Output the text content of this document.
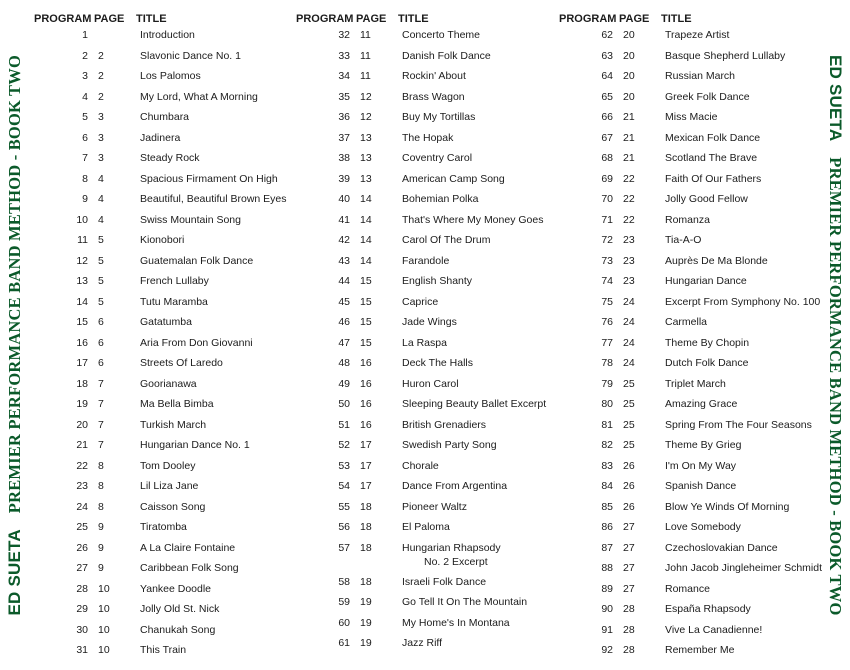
ED SUETAPREMIER PERFORMANCE BAND METHOD - BOOK TWO	ED SUETAPREMIER PERFORMANCE BAND METHOD - BOOK TWO
PROGRAM PAGE	TITLE
1	Introduction
2 2	Slavonic Dance No. 1
3 2	Los Palomos
4 2	My Lord, What A Morning
5 3	Chumbara
6 3	Jadinera
7 3	Steady Rock
8 4	Spacious Firmament On High
9 4	Beautiful, Beautiful Brown Eyes
10 4	Swiss Mountain Song
11 5	Kionobori
12 5	Guatemalan Folk Dance
13 5	French Lullaby
14 5	Tutu Maramba
15 6	Gatatumba
16 6	Aria From Don Giovanni
17 6	Streets Of Laredo
18 7	Goorianawa
19 7	Ma Bella Bimba
20 7	Turkish March
21 7	Hungarian Dance No. 1
22 8	Tom Dooley
23 8	Lil Liza Jane
24 8	Caisson Song
25 9	Tiratomba
26 9	A La Claire Fontaine
27 9	Caribbean Folk Song
28 10	Yankee Doodle
29 10	Jolly Old St. Nick
30 10	Chanukah Song
31 10	This Train
PROGRAM PAGE	TITLE
32 11	Concerto Theme
33 11	Danish Folk Dance
34 11	Rockin' About
35 12	Brass Wagon
36 12	Buy My Tortillas
37 13	The Hopak
38 13	Coventry Carol
39 13	American Camp Song
40 14	Bohemian Polka
41 14	That's Where My Money Goes
42 14	Carol Of The Drum
43 14	Farandole
44 15	English Shanty
45 15	Caprice
46 15	Jade Wings
47 15	La Raspa
48 16	Deck The Halls
49 16	Huron Carol
50 16	Sleeping Beauty Ballet Excerpt
51 16	British Grenadiers
52 17	Swedish Party Song
53 17	Chorale
54 17	Dance From Argentina
55 18	Pioneer Waltz
56 18	El Paloma
57 18	Hungarian Rhapsody
No. 2 Excerpt
58 18	Israeli Folk Dance
59 19	Go Tell It On The Mountain
60 19	My Home's In Montana
61 19	Jazz Riff
PROGRAM PAGE	TITLE
62 20	Trapeze Artist
63 20	Basque Shepherd Lullaby
64 20	Russian March
65 20	Greek Folk Dance
66 21	Miss Macie
67 21	Mexican Folk Dance
68 21	Scotland The Brave
69 22	Faith Of Our Fathers
70 22	Jolly Good Fellow
71 22	Romanza
72 23	Tia-A-O
73 23	Auprès De Ma Blonde
74 23	Hungarian Dance
75 24	Excerpt From Symphony No. 100
76 24	Carmella
77 24	Theme By Chopin
78 24	Dutch Folk Dance
79 25	Triplet March
80 25	Amazing Grace
81 25	Spring From The Four Seasons
82 25	Theme By Grieg
83 26	I'm On My Way
84 26	Spanish Dance
85 26	Blow Ye Winds Of Morning
86 27	Love Somebody
87 27	Czechoslovakian Dance
88 27	John Jacob Jingleheimer Schmidt
89 27	Romance
90 28	España Rhapsody
91 28	Vive La Canadienne!
92 28	Remember Me
